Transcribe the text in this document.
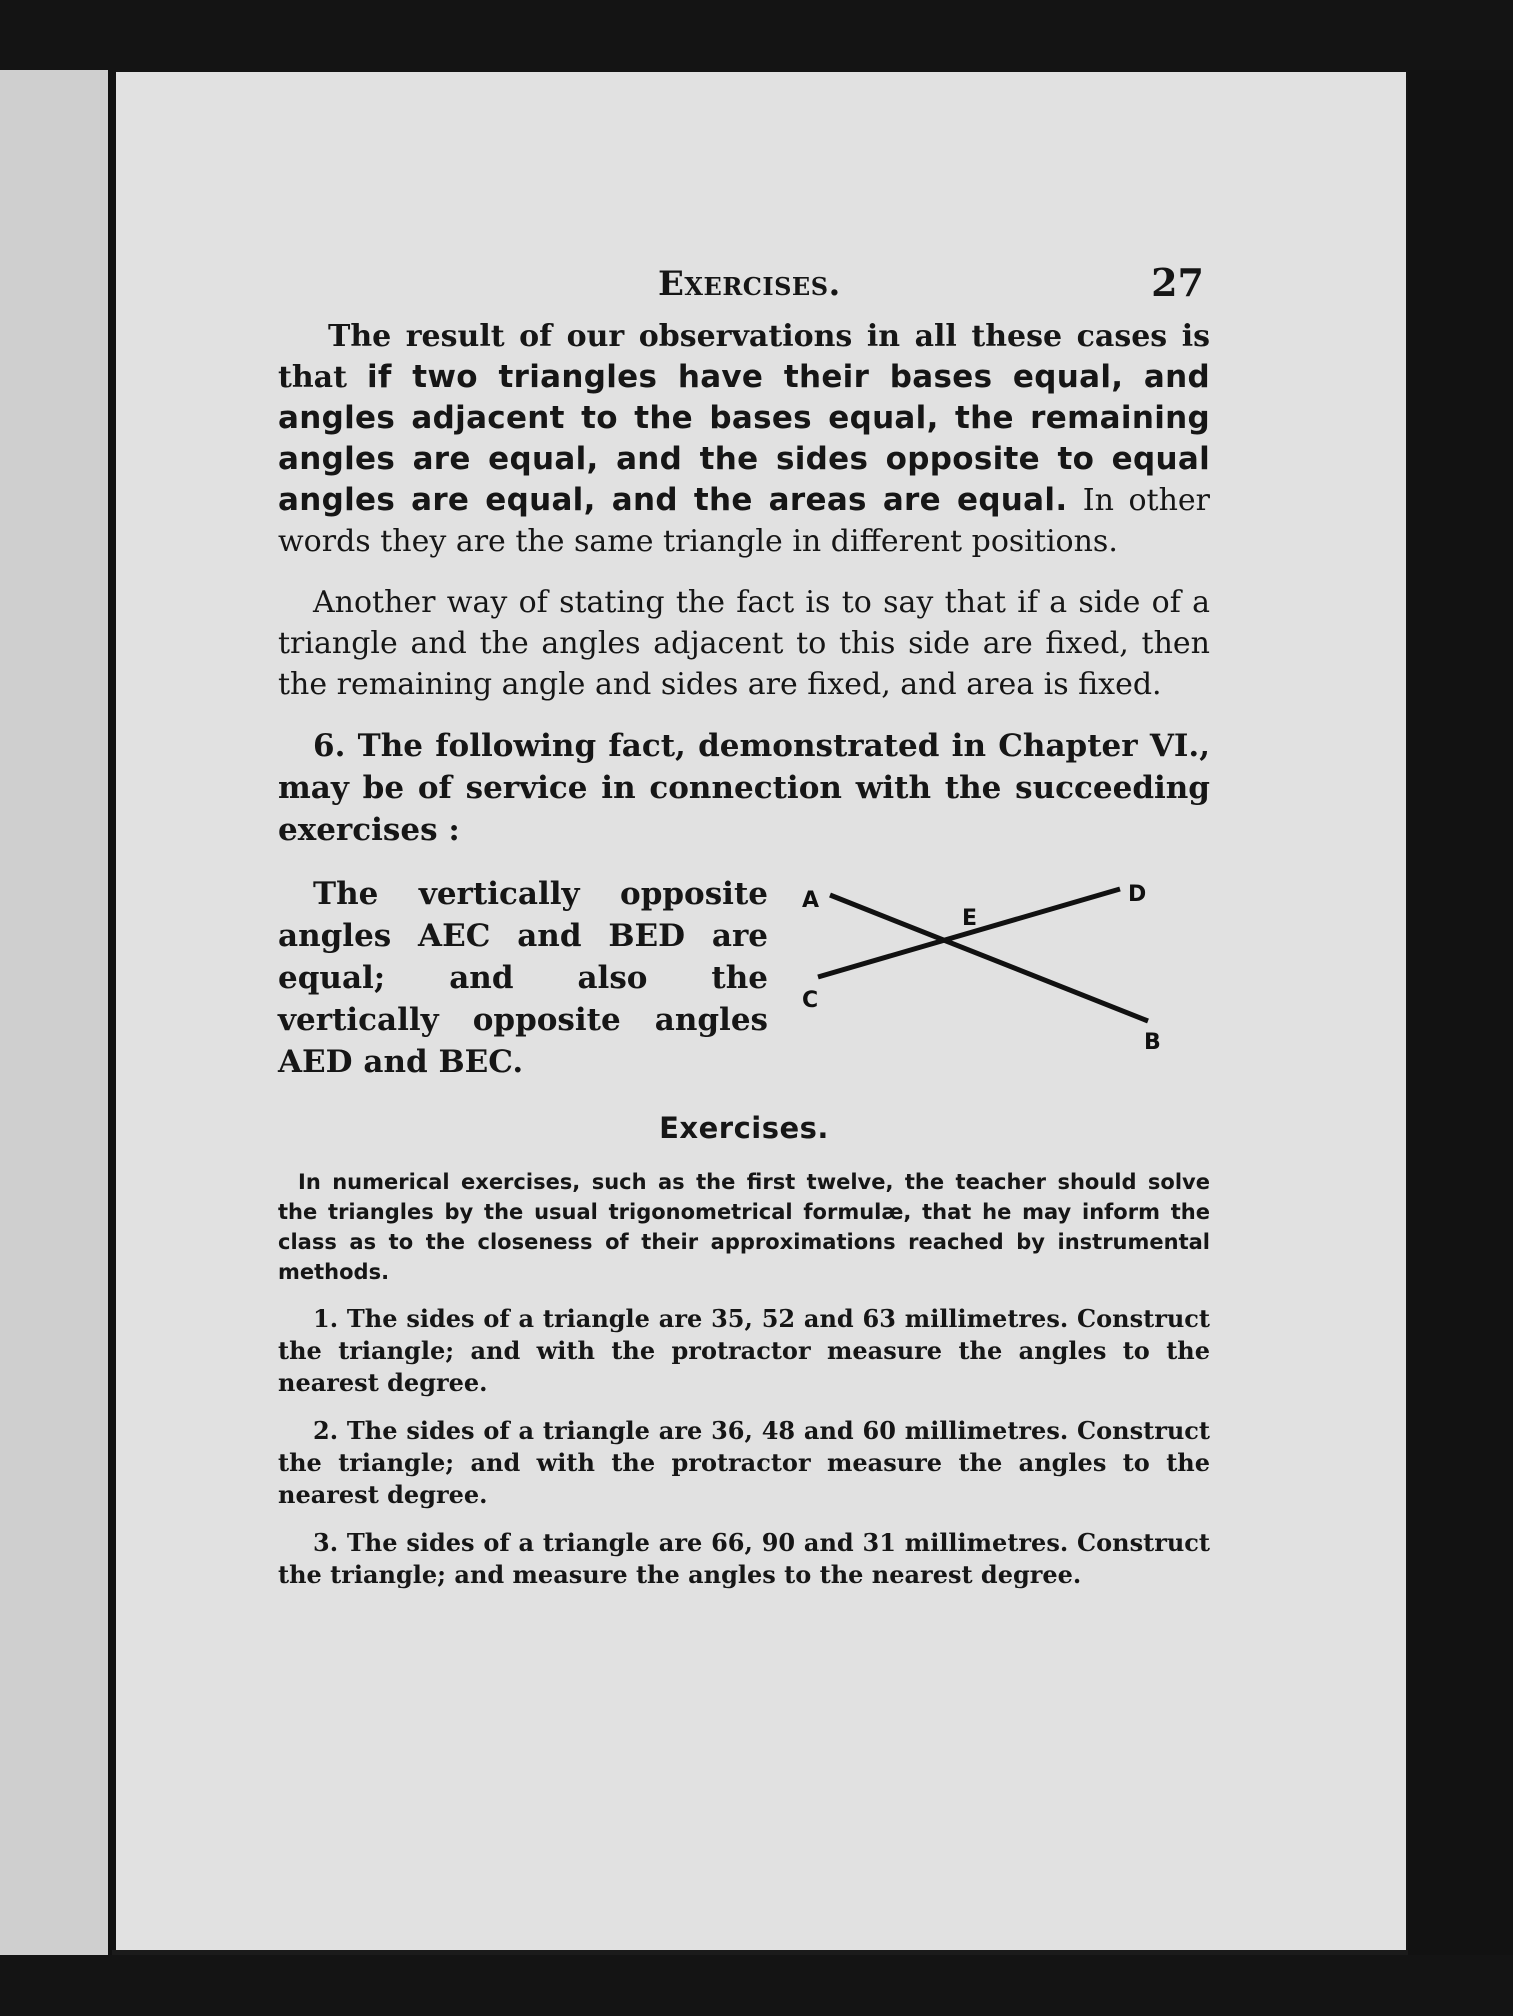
Exercises.	27

The result of our observations in all these cases is that if two triangles have their bases equal, and angles adjacent to the bases equal, the remaining angles are equal, and the sides opposite to equal angles are equal, and the areas are equal. In other words they are the same triangle in different positions.

Another way of stating the fact is to say that if a side of a triangle and the angles adjacent to this side are fixed, then the remaining angle and sides are fixed, and area is fixed.

6. The following fact, demonstrated in Chapter VI., may be of service in connection with the succeeding exercises :

The vertically opposite angles AEC and BED are equal; and also the vertically opposite angles AED and BEC.

A	D
E
C
B
Exercises.

In numerical exercises, such as the first twelve, the teacher should solve the triangles by the usual trigonometrical formulæ, that he may inform the class as to the closeness of their approximations reached by instrumental methods.

1. The sides of a triangle are 35, 52 and 63 millimetres. Construct the triangle; and with the protractor measure the angles to the nearest degree.

2. The sides of a triangle are 36, 48 and 60 millimetres. Construct the triangle; and with the protractor measure the angles to the nearest degree.

3. The sides of a triangle are 66, 90 and 31 millimetres. Construct the triangle; and measure the angles to the nearest degree.
